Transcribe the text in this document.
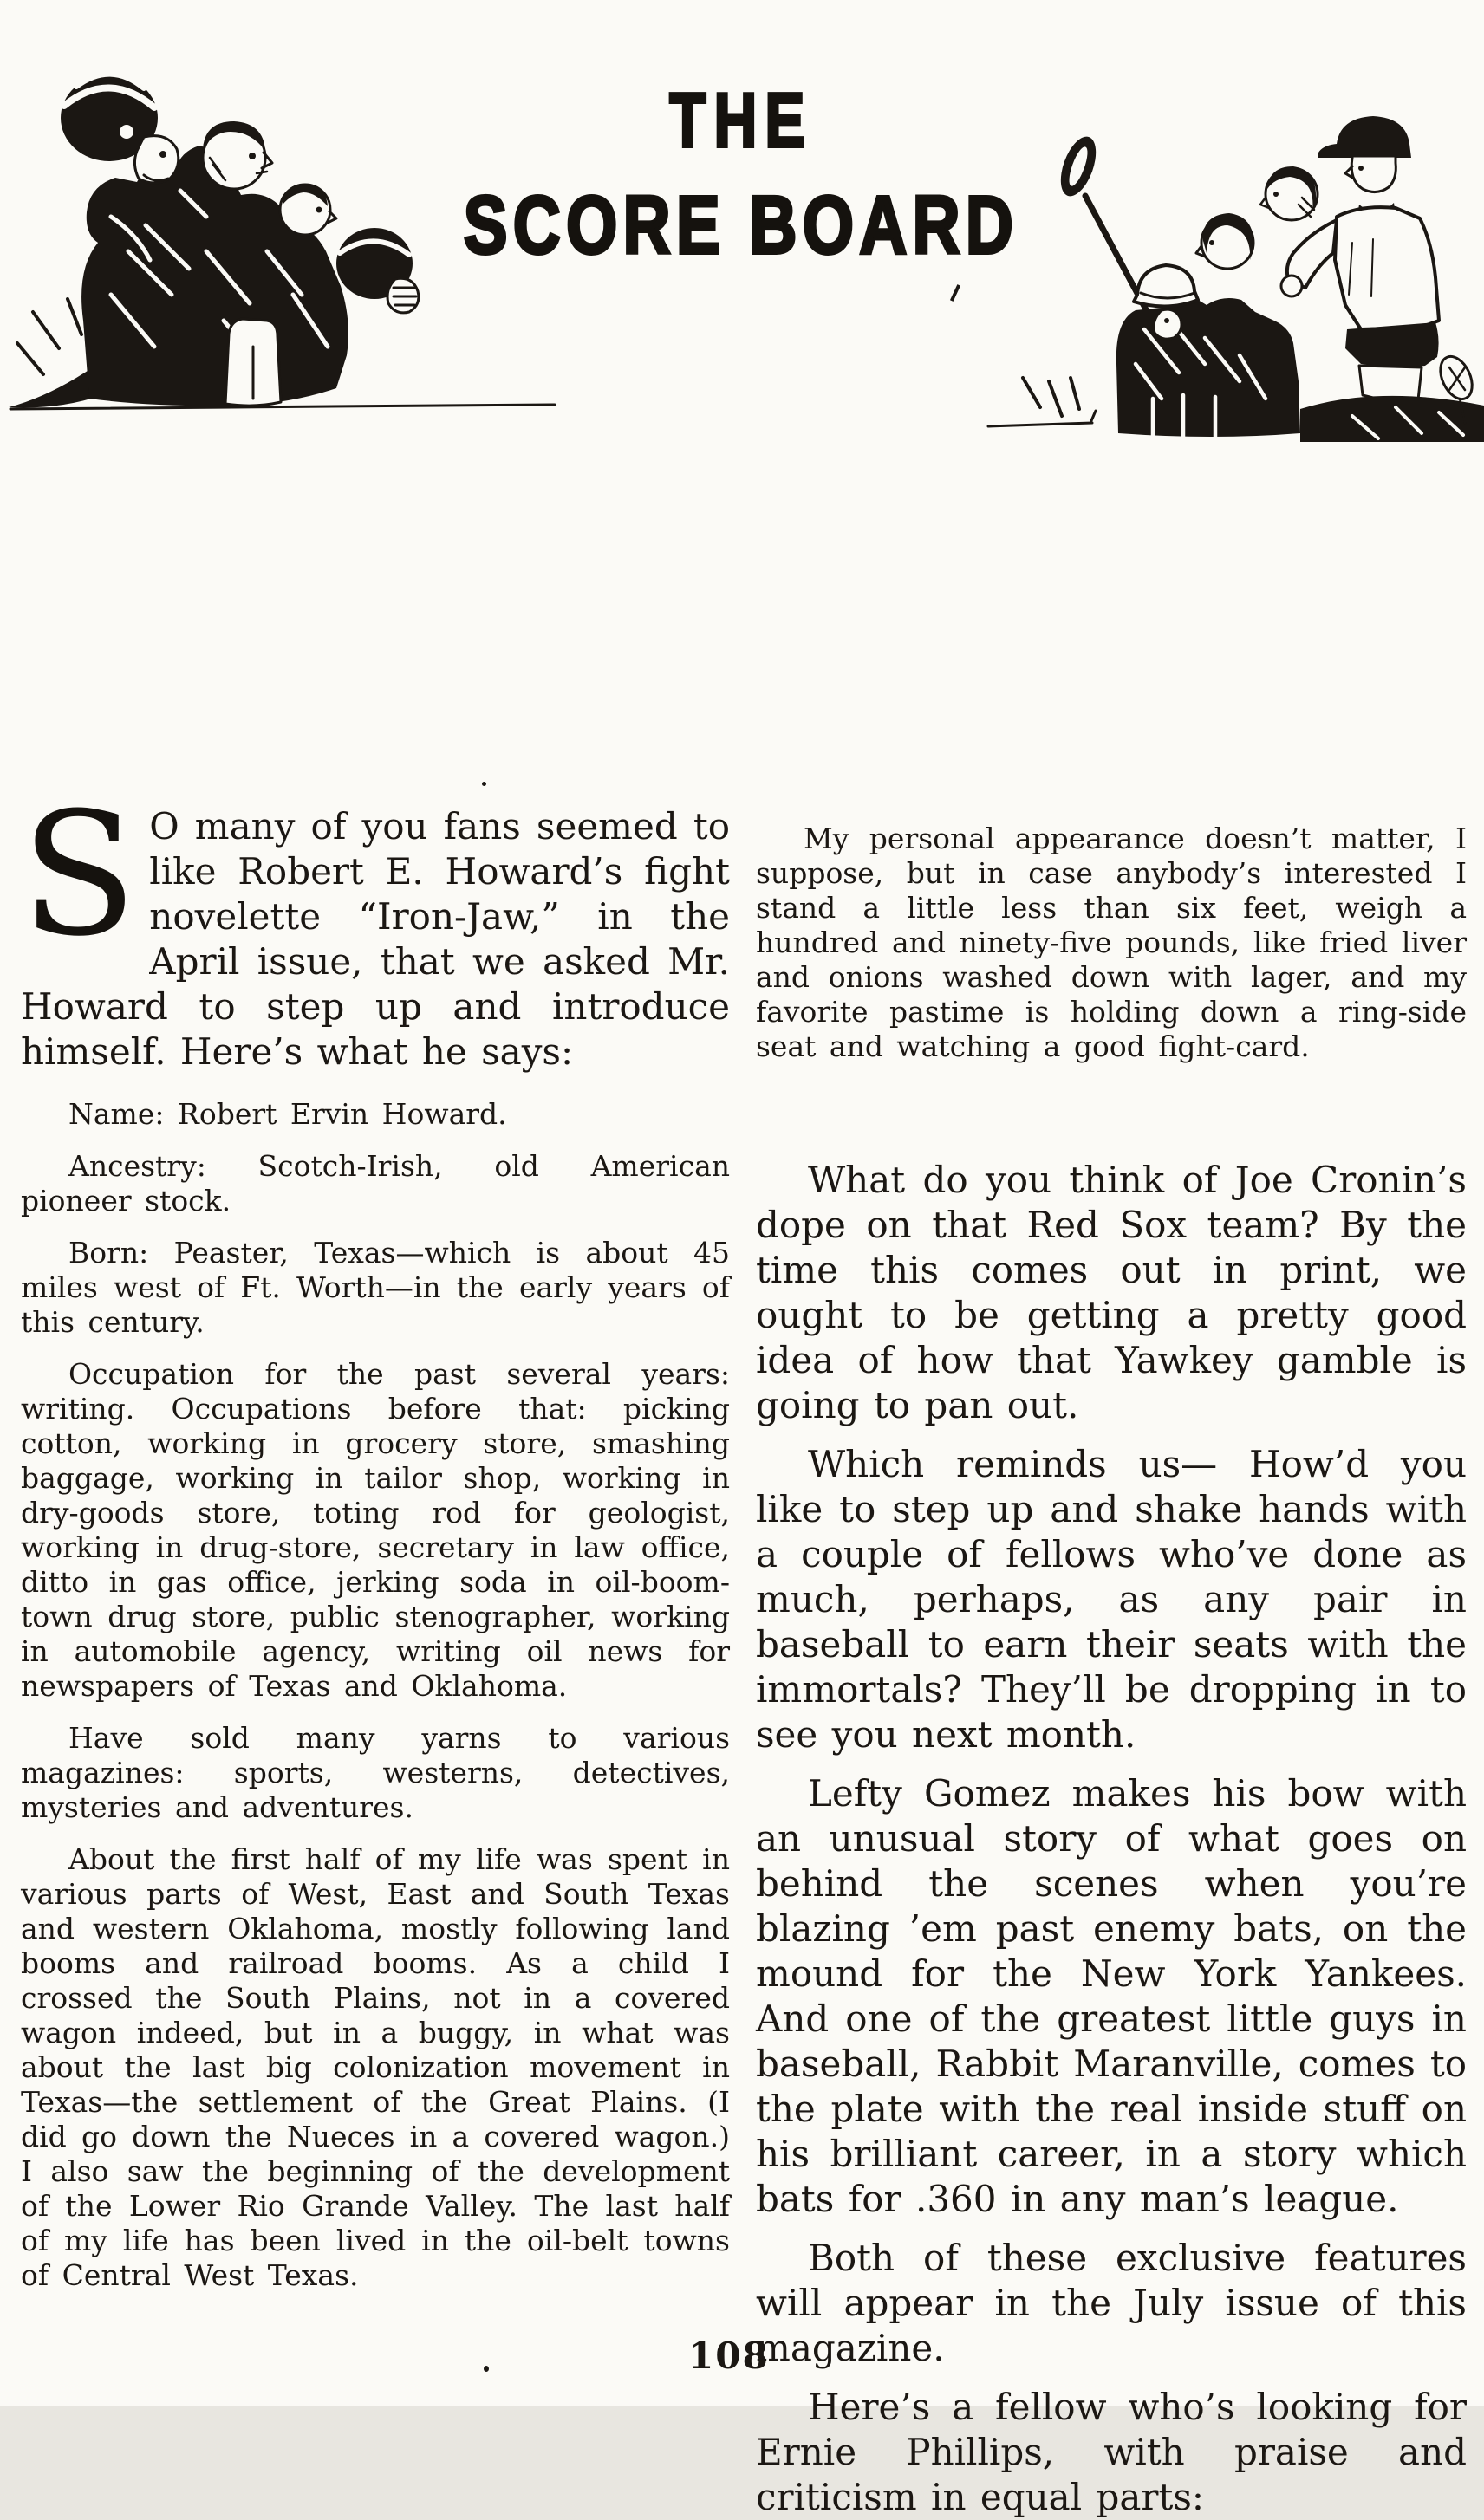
THE
SCORE BOARD

S O many of you fans seemed to like Robert E. Howard’s fight novelette “Iron-Jaw,” in the April issue, that we asked Mr. Howard to step up and introduce himself. Here’s what he says:

Name: Robert Ervin Howard.

Ancestry: Scotch-Irish, old American pioneer stock.

Born: Peaster, Texas—which is about 45 miles west of Ft. Worth—in the early years of this century.

Occupation for the past several years: writing. Occupations before that: picking cotton, working in grocery store, smashing baggage, working in tailor shop, working in dry-goods store, toting rod for geologist, working in drug-store, secretary in law office, ditto in gas office, jerking soda in oil-boom-town drug store, public stenographer, working in automobile agency, writing oil news for newspapers of Texas and Oklahoma.

Have sold many yarns to various magazines: sports, westerns, detectives, mysteries and adventures.

About the first half of my life was spent in various parts of West, East and South Texas and western Oklahoma, mostly following land booms and railroad booms. As a child I crossed the South Plains, not in a covered wagon indeed, but in a buggy, in what was about the last big colonization movement in Texas—the settlement of the Great Plains. (I did go down the Nueces in a covered wagon.) I also saw the beginning of the development of the Lower Rio Grande Valley. The last half of my life has been lived in the oil-belt towns of Central West Texas.

My personal appearance doesn’t matter, I suppose, but in case anybody’s interested I stand a little less than six feet, weigh a hundred and ninety-five pounds, like fried liver and onions washed down with lager, and my favorite pastime is holding down a ring-side seat and watching a good fight-card.

What do you think of Joe Cronin’s dope on that Red Sox team? By the time this comes out in print, we ought to be getting a pretty good idea of how that Yawkey gamble is going to pan out.

Which reminds us— How’d you like to step up and shake hands with a couple of fellows who’ve done as much, perhaps, as any pair in baseball to earn their seats with the immortals? They’ll be dropping in to see you next month.

Lefty Gomez makes his bow with an unusual story of what goes on behind the scenes when you’re blazing ’em past enemy bats, on the mound for the New York Yankees. And one of the greatest little guys in baseball, Rabbit Maranville, comes to the plate with the real inside stuff on his brilliant career, in a story which bats for .360 in any man’s league.

Both of these exclusive features will appear in the July issue of this magazine.

Here’s a fellow who’s looking for Ernie Phillips, with praise and criticism in equal parts:

108
